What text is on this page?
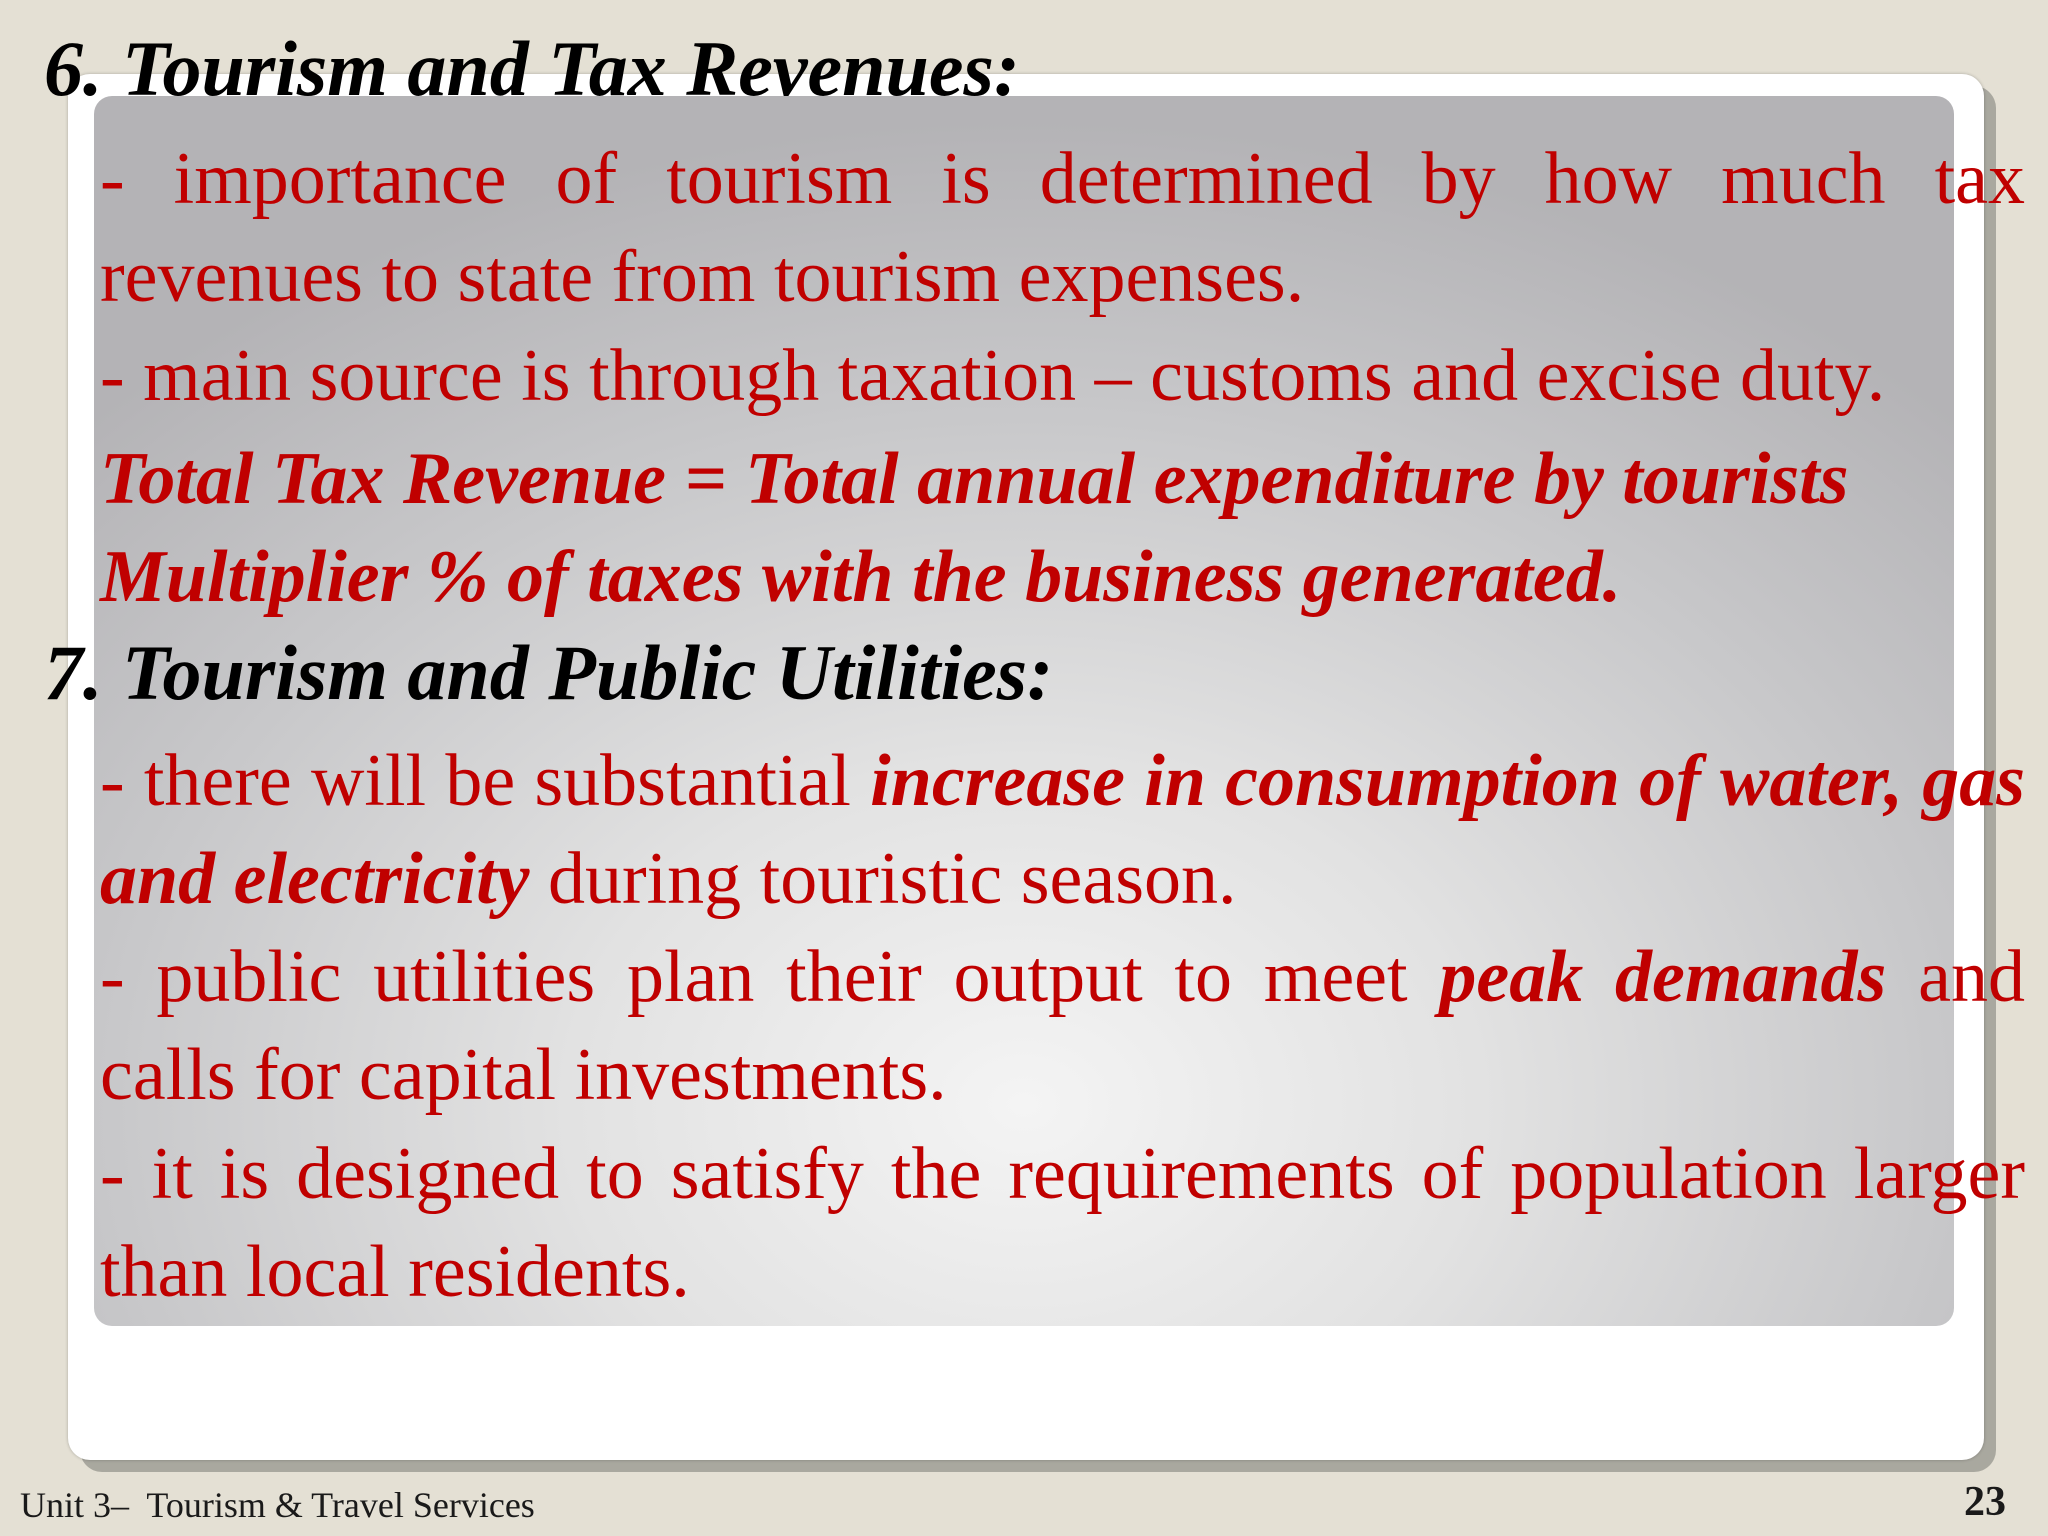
6. Tourism and Tax Revenues:

- importance of tourism is determined by how much tax revenues to state from tourism expenses.

- main source is through taxation – customs and excise duty.

Total Tax Revenue = Total annual expenditure by tourists
Multiplier % of taxes with the business generated.

7. Tourism and Public Utilities:

- there will be substantial increase in consumption of water, gas and electricity during touristic season.

- public utilities plan their output to meet peak demands and calls for capital investments.

- it is designed to satisfy the requirements of population larger than local residents.

Unit 3–  Tourism & Travel Services	23
